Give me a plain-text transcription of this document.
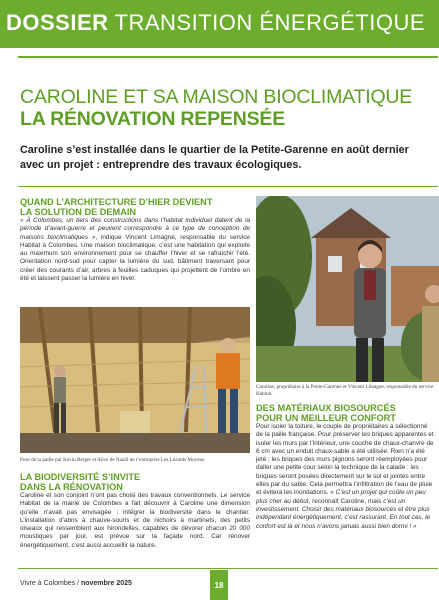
DOSSIER TRANSITION ÉNERGÉTIQUE
CAROLINE ET SA MAISON BIOCLIMATIQUE
LA RÉNOVATION REPENSÉE
Caroline s’est installée dans le quartier de la Petite-Garenne en août dernier avec un projet : entreprendre des travaux écologiques.
QUAND L’ARCHITECTURE D’HIER DEVIENT
LA SOLUTION DE DEMAIN
« À Colombes, un tiers des constructions dans l’habitat individuel datent de la période d’avant-guerre et peuvent correspondre à ce type de conception de maisons bioclimatiques », indique Vincent Limagne, responsable du service Habitat à Colombes. Une maison bioclimatique, c’est une habitation qui exploite au maximum son environnement pour se chauffer l’hiver et se rafraîchir l’été. Orientation nord-sud pour capter la lumière du sud, bâtiment traversant pour créer des courants d’air, arbres à feuilles caduques qui projettent de l’ombre en été et laissent passer la lumière en hiver.
Pose de la paille par Kevin Berger et Alice de Nazili de l’entreprise Les Lézards Moyens.
LA BIODIVERSITÉ S’INVITE
DANS LA RÉNOVATION
Caroline et son conjoint n’ont pas choisi des travaux conventionnels. Le service Habitat de la mairie de Colombes a fait découvrir à Caroline une dimension qu’elle n’avait pas envisagée : intégrer la biodiversité dans le chantier. L’installation d’abris à chauve-souris et de nichoirs à martinets, des petits oiseaux qui ressemblent aux hirondelles, capables de dévorer chacun 20 000 moustiques par jour, est prévue sur la façade nord. Car rénover énergétiquement, c’est aussi accueillir la nature.
Caroline, propriétaire à la Petite-Garenne et Vincent Limagne, responsable du service Habitat.
DES MATÉRIAUX BIOSOURCÉS
POUR UN MEILLEUR CONFORT
Pour isoler la toiture, le couple de propriétaires a sélectionné de la paille française. Pour préserver les briques apparentes et isoler les murs par l’intérieur, une couche de chaux-chanvre de 6 cm avec un enduit chaux-sable a été utilisée. Rien n’a été jeté : les briques des murs pignons seront réemployées pour daller une petite cour selon la technique de la calade : les briques seront posées directement sur le sol et jointes entre elles par du sable. Cela permettra l’infiltration de l’eau de pluie et évitera les inondations. « C’est un projet qui coûte un peu plus cher au début, reconnaît Caroline, mais c’est un investissement. Choisir des matériaux biosourcés et être plus indépendant énergétiquement, c’est rassurant. En tout cas, le confort est là et nous n’avons jamais aussi bien dormi ! »
Vivre à Colombes / novembre 2025	18
